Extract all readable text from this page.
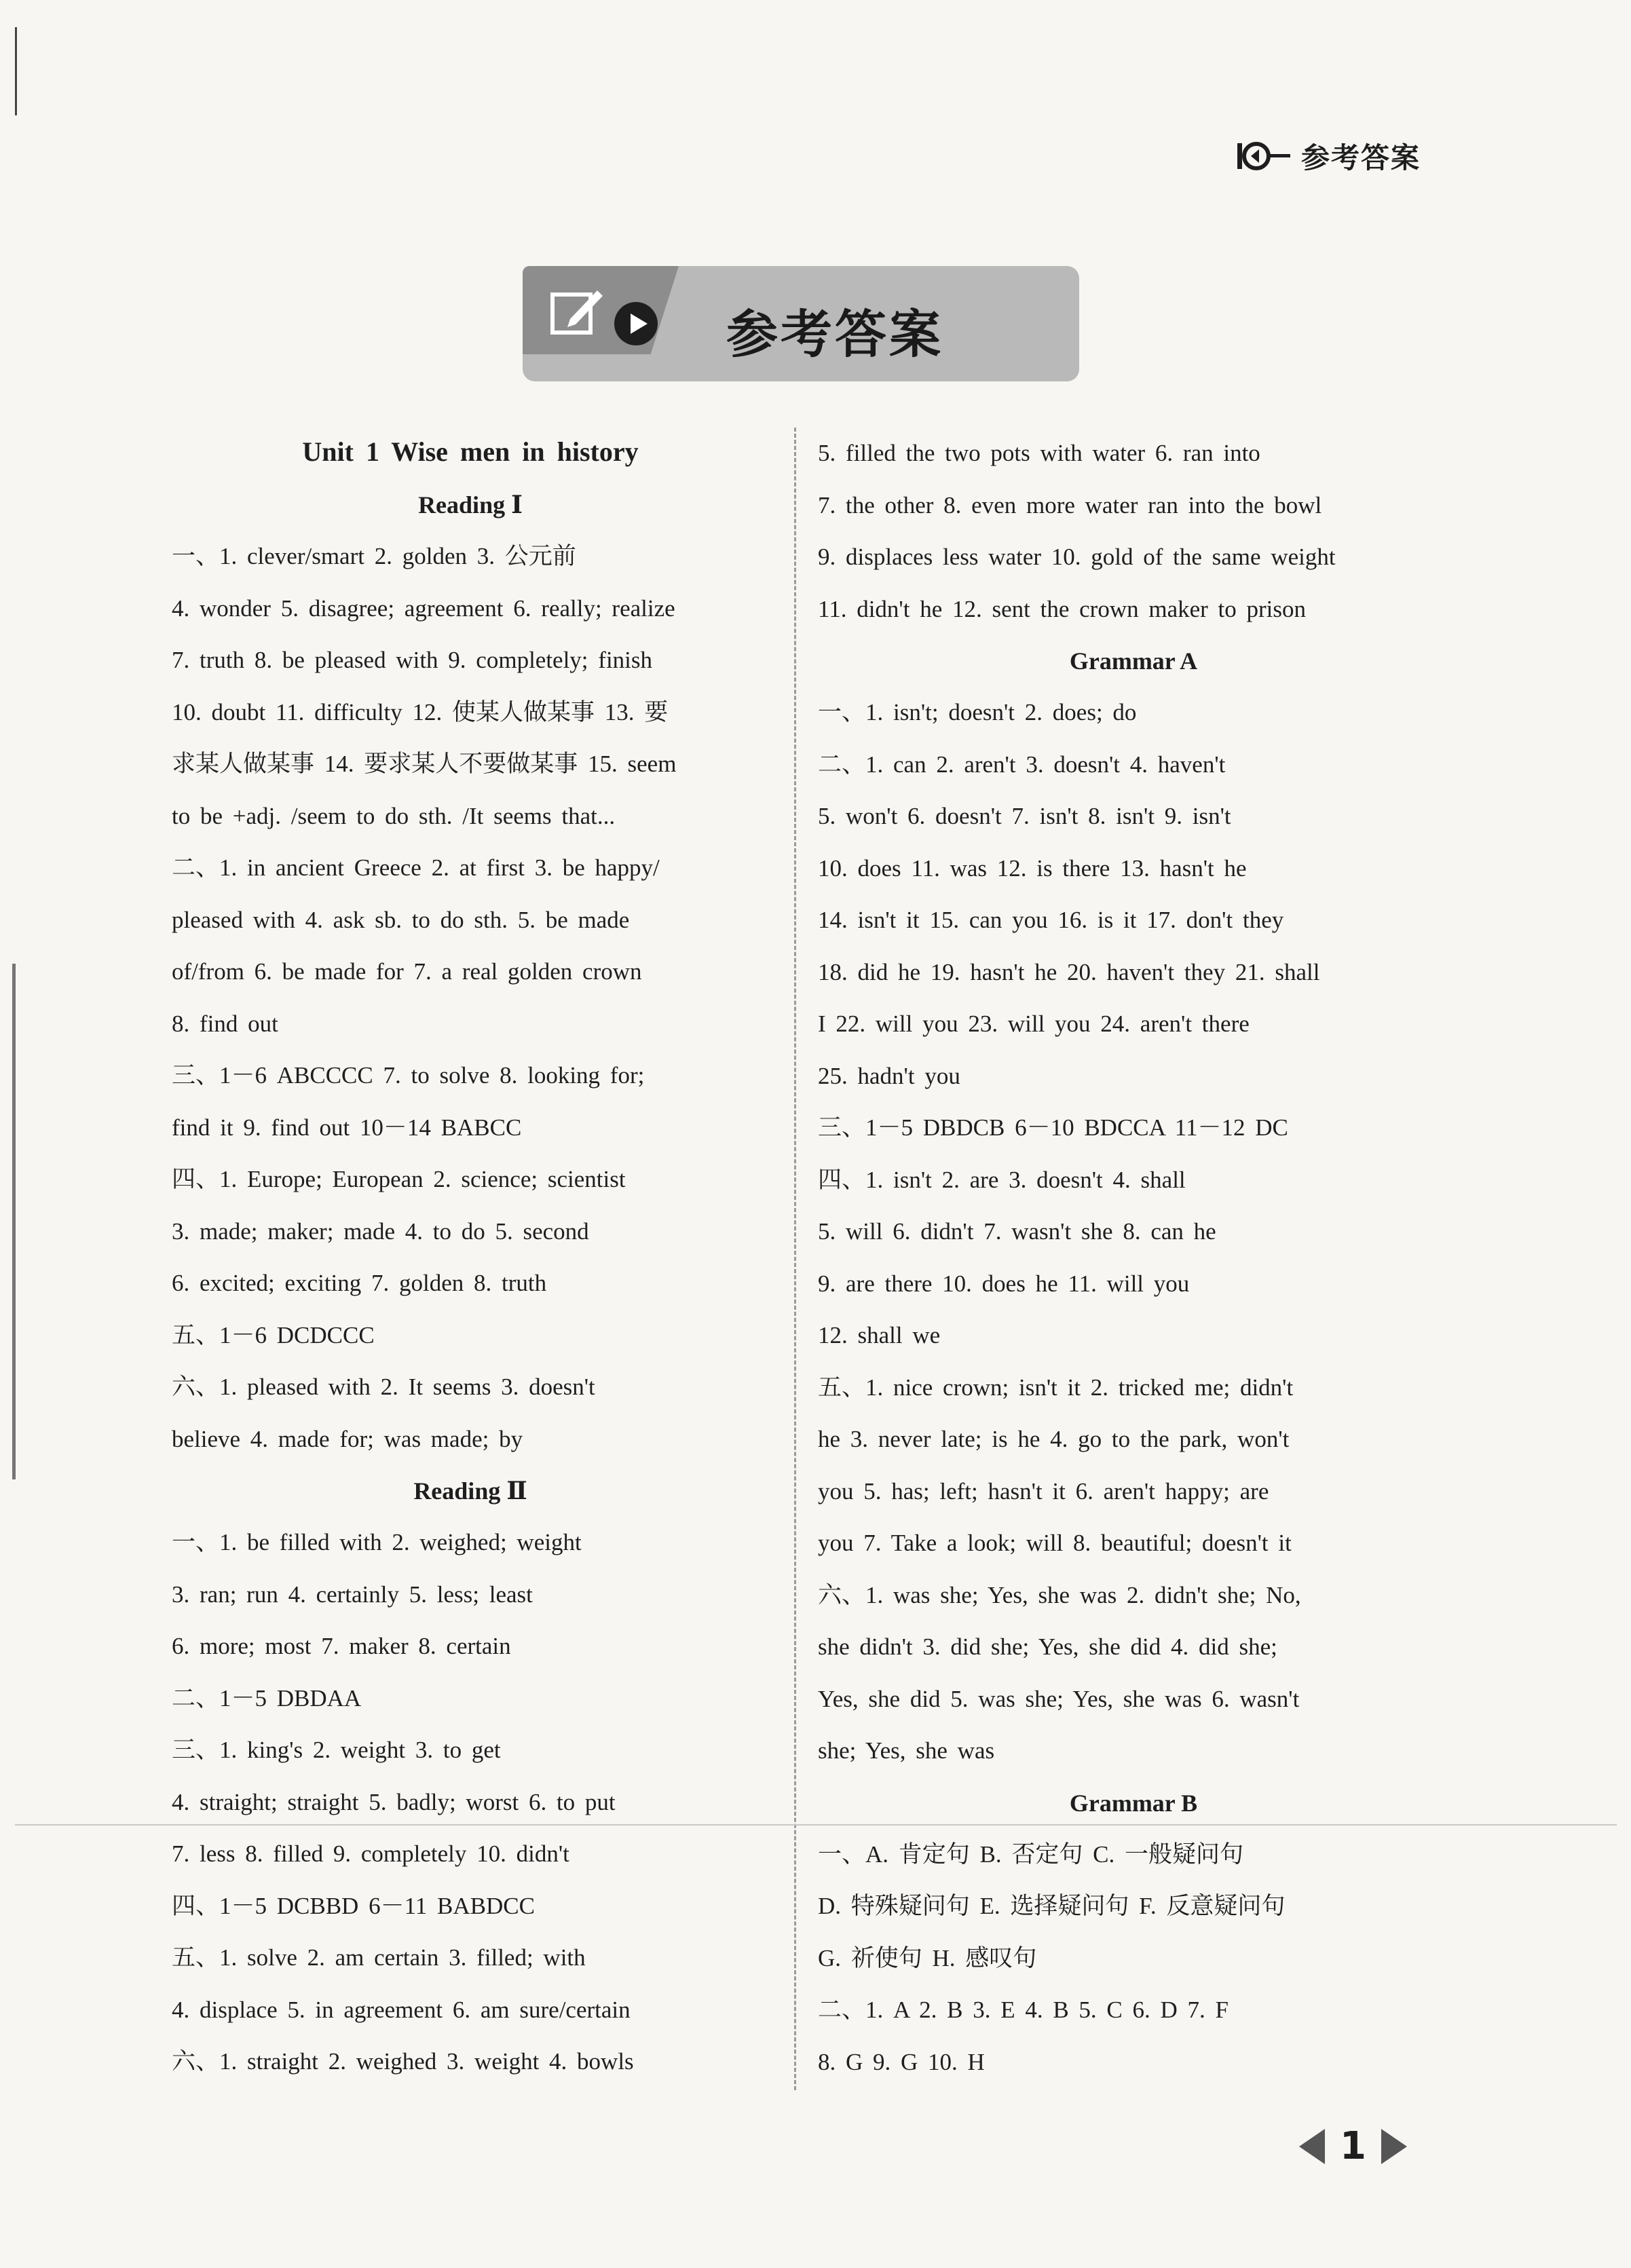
参考答案
参考答案
Unit 1 Wise men in history
Reading Ⅰ
一、1. clever/smart 2. golden 3. 公元前
4. wonder 5. disagree; agreement 6. really; realize
7. truth 8. be pleased with 9. completely; finish
10. doubt 11. difficulty 12. 使某人做某事 13. 要
求某人做某事 14. 要求某人不要做某事 15. seem
to be +adj. /seem to do sth. /It seems that...
二、1. in ancient Greece 2. at first 3. be happy/
pleased with 4. ask sb. to do sth. 5. be made
of/from 6. be made for 7. a real golden crown
8. find out
三、1－6 ABCCCC 7. to solve 8. looking for;
find it 9. find out 10－14 BABCC
四、1. Europe; European 2. science; scientist
3. made; maker; made 4. to do 5. second
6. excited; exciting 7. golden 8. truth
五、1－6 DCDCCC
六、1. pleased with 2. It seems 3. doesn't
believe 4. made for; was made; by
Reading Ⅱ
一、1. be filled with 2. weighed; weight
3. ran; run 4. certainly 5. less; least
6. more; most 7. maker 8. certain
二、1－5 DBDAA
三、1. king's 2. weight 3. to get
4. straight; straight 5. badly; worst 6. to put
7. less 8. filled 9. completely 10. didn't
四、1－5 DCBBD 6－11 BABDCC
五、1. solve 2. am certain 3. filled; with
4. displace 5. in agreement 6. am sure/certain
六、1. straight 2. weighed 3. weight 4. bowls
5. filled the two pots with water 6. ran into
7. the other 8. even more water ran into the bowl
9. displaces less water 10. gold of the same weight
11. didn't he 12. sent the crown maker to prison
Grammar A
一、1. isn't; doesn't 2. does; do
二、1. can 2. aren't 3. doesn't 4. haven't
5. won't 6. doesn't 7. isn't 8. isn't 9. isn't
10. does 11. was 12. is there 13. hasn't he
14. isn't it 15. can you 16. is it 17. don't they
18. did he 19. hasn't he 20. haven't they 21. shall
I 22. will you 23. will you 24. aren't there
25. hadn't you
三、1－5 DBDCB 6－10 BDCCA 11－12 DC
四、1. isn't 2. are 3. doesn't 4. shall
5. will 6. didn't 7. wasn't she 8. can he
9. are there 10. does he 11. will you
12. shall we
五、1. nice crown; isn't it 2. tricked me; didn't
he 3. never late; is he 4. go to the park, won't
you 5. has; left; hasn't it 6. aren't happy; are
you 7. Take a look; will 8. beautiful; doesn't it
六、1. was she; Yes, she was 2. didn't she; No,
she didn't 3. did she; Yes, she did 4. did she;
Yes, she did 5. was she; Yes, she was 6. wasn't
she; Yes, she was
Grammar B
一、A. 肯定句 B. 否定句 C. 一般疑问句
D. 特殊疑问句 E. 选择疑问句 F. 反意疑问句
G. 祈使句 H. 感叹句
二、1. A 2. B 3. E 4. B 5. C 6. D 7. F
8. G 9. G 10. H
1
